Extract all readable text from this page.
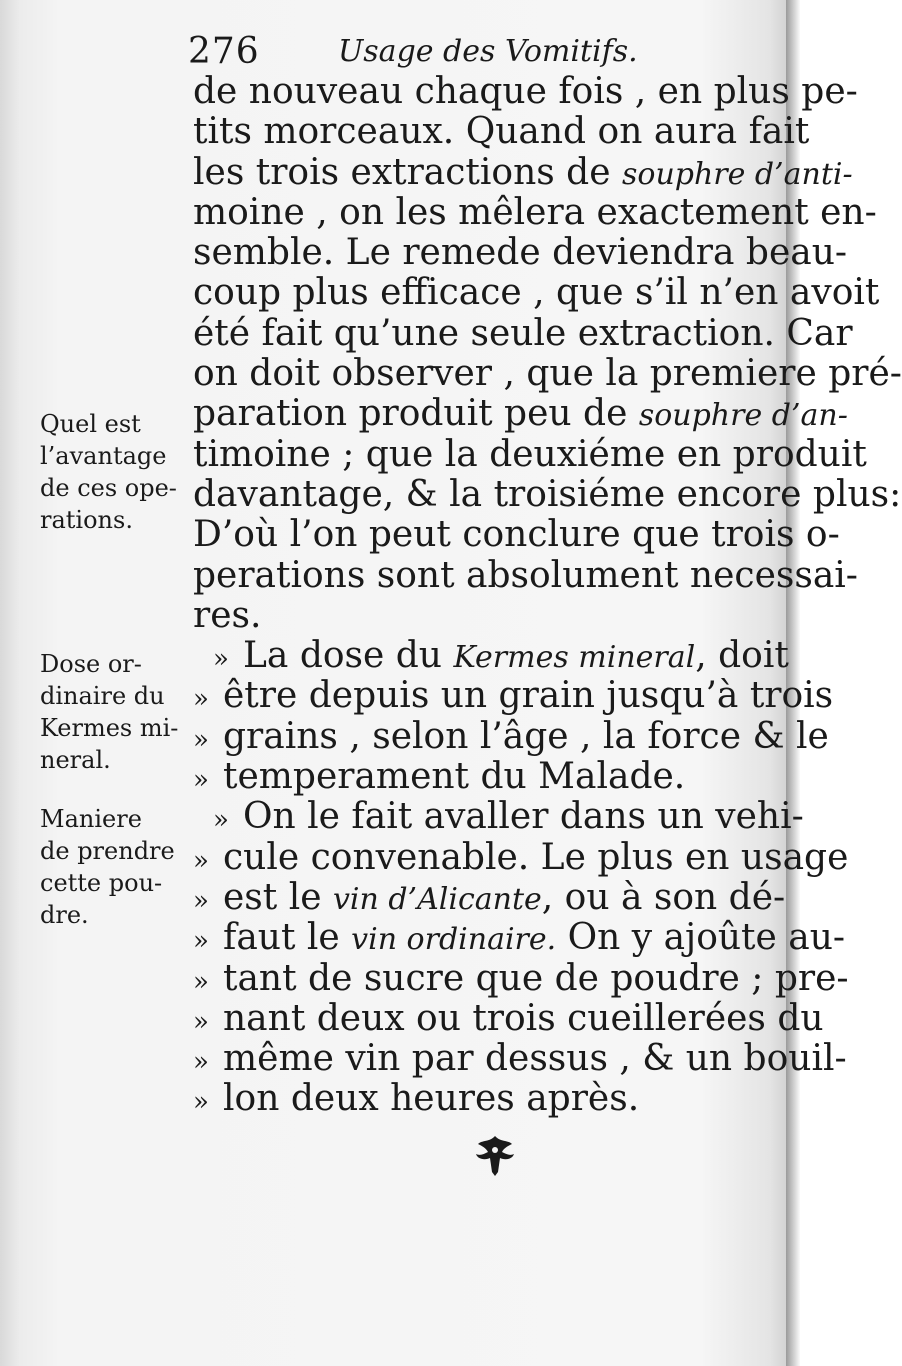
276	Usage des Vomitifs.
de nouveau chaque fois , en plus pe-
tits morceaux. Quand on aura fait
les trois extractions de souphre d’anti-
moine , on les mêlera exactement en-
semble. Le remede deviendra beau-
coup plus efficace , que s’il n’en avoit
été fait qu’une seule extraction. Car
on doit observer , que la premiere pré-
paration produit peu de souphre d’an-
timoine ; que la deuxiéme en produit
davantage, & la troisiéme encore plus:
D’où l’on peut conclure que trois o-
perations sont absolument necessai-
res.
» La dose du Kermes mineral, doit
» être depuis un grain jusqu’à trois
» grains , selon l’âge , la force & le
» temperament du Malade.
» On le fait avaller dans un vehi-
» cule convenable. Le plus en usage
» est le vin d’Alicante, ou à son dé-
» faut le vin ordinaire. On y ajoûte au-
» tant de sucre que de poudre ; pre-
» nant deux ou trois cueillerées du
» même vin par dessus , & un bouil-
» lon deux heures après.
Quel est
l’avantage
de ces ope-
rations.
Dose or-
dinaire du
Kermes mi-
neral.
Maniere
de prendre
cette pou-
dre.
